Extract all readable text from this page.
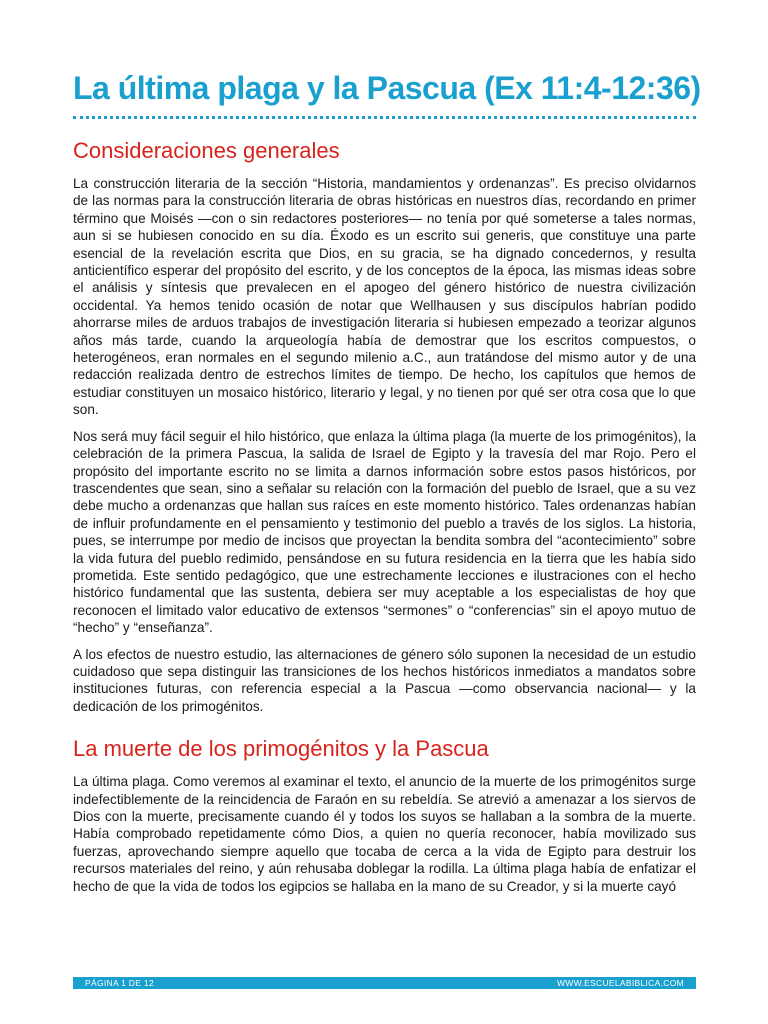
La última plaga y la Pascua (Ex 11:4-12:36)
Consideraciones generales

La construcción literaria de la sección “Historia, mandamientos y ordenanzas”. Es preciso olvidarnos de las normas para la construcción literaria de obras históricas en nuestros días, recordando en primer término que Moisés —con o sin redactores posteriores— no tenía por qué someterse a tales normas, aun si se hubiesen conocido en su día. Éxodo es un escrito sui generis, que constituye una parte esencial de la revelación escrita que Dios, en su gracia, se ha dignado concedernos, y resulta anticientífico esperar del propósito del escrito, y de los conceptos de la época, las mismas ideas sobre el análisis y síntesis que prevalecen en el apogeo del género histórico de nuestra civilización occidental. Ya hemos tenido ocasión de notar que Wellhausen y sus discípulos habrían podido ahorrarse miles de arduos trabajos de investigación literaria si hubiesen empezado a teorizar algunos años más tarde, cuando la arqueología había de demostrar que los escritos compuestos, o heterogéneos, eran normales en el segundo milenio a.C., aun tratándose del mismo autor y de una redacción realizada dentro de estrechos límites de tiempo. De hecho, los capítulos que hemos de estudiar constituyen un mosaico histórico, literario y legal, y no tienen por qué ser otra cosa que lo que son.

Nos será muy fácil seguir el hilo histórico, que enlaza la última plaga (la muerte de los primogénitos), la celebración de la primera Pascua, la salida de Israel de Egipto y la travesía del mar Rojo. Pero el propósito del importante escrito no se limita a darnos información sobre estos pasos históricos, por trascendentes que sean, sino a señalar su relación con la formación del pueblo de Israel, que a su vez debe mucho a ordenanzas que hallan sus raíces en este momento histórico. Tales ordenanzas habían de influir profundamente en el pensamiento y testimonio del pueblo a través de los siglos. La historia, pues, se interrumpe por medio de incisos que proyectan la bendita sombra del “acontecimiento” sobre la vida futura del pueblo redimido, pensándose en su futura residencia en la tierra que les había sido prometida. Este sentido pedagógico, que une estrechamente lecciones e ilustraciones con el hecho histórico fundamental que las sustenta, debiera ser muy aceptable a los especialistas de hoy que reconocen el limitado valor educativo de extensos “sermones” o “conferencias” sin el apoyo mutuo de “hecho” y “enseñanza”.

A los efectos de nuestro estudio, las alternaciones de género sólo suponen la necesidad de un estudio cuidadoso que sepa distinguir las transiciones de los hechos históricos inmediatos a mandatos sobre instituciones futuras, con referencia especial a la Pascua —como observancia nacional— y la dedicación de los primogénitos.

La muerte de los primogénitos y la Pascua

La última plaga. Como veremos al examinar el texto, el anuncio de la muerte de los primogénitos surge indefectiblemente de la reincidencia de Faraón en su rebeldía. Se atrevió a amenazar a los siervos de Dios con la muerte, precisamente cuando él y todos los suyos se hallaban a la sombra de la muerte. Había comprobado repetidamente cómo Dios, a quien no quería reconocer, había movilizado sus fuerzas, aprovechando siempre aquello que tocaba de cerca a la vida de Egipto para destruir los recursos materiales del reino, y aún rehusaba doblegar la rodilla. La última plaga había de enfatizar el hecho de que la vida de todos los egipcios se hallaba en la mano de su Creador, y si la muerte cayó

PÁGINA 1 DE 12	WWW.ESCUELABIBLICA.COM
